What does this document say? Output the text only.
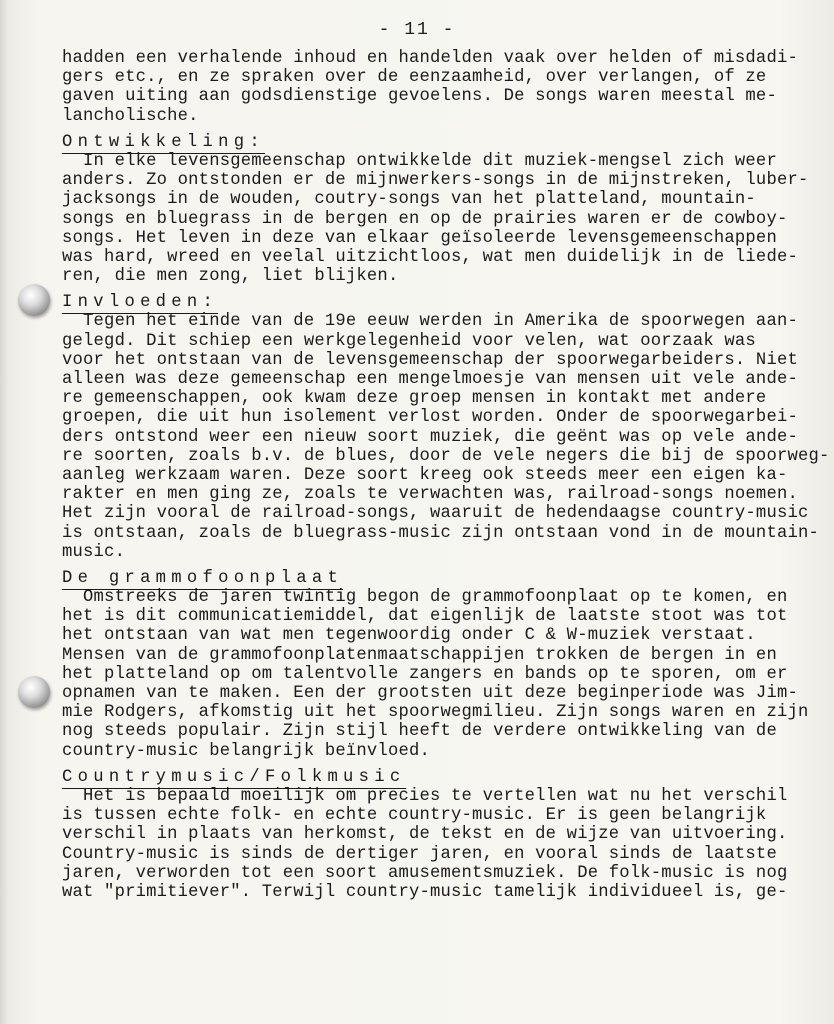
- 11 -
hadden een verhalende inhoud en handelden vaak over helden of misdadi-
gers etc., en ze spraken over de eenzaamheid, over verlangen, of ze
gaven uiting aan godsdienstige gevoelens. De songs waren meestal me-
lancholische.
Ontwikkeling:
In elke levensgemeenschap ontwikkelde dit muziek-mengsel zich weer
anders. Zo ontstonden er de mijnwerkers-songs in de mijnstreken, luber-
jacksongs in de wouden, coutry-songs van het platteland, mountain-
songs en bluegrass in de bergen en op de prairies waren er de cowboy-
songs. Het leven in deze van elkaar geïsoleerde levensgemeenschappen
was hard, wreed en veelal uitzichtloos, wat men duidelijk in de liede-
ren, die men zong, liet blijken.
Invloeden:
Tegen het einde van de 19e eeuw werden in Amerika de spoorwegen aan-
gelegd. Dit schiep een werkgelegenheid voor velen, wat oorzaak was
voor het ontstaan van de levensgemeenschap der spoorwegarbeiders. Niet
alleen was deze gemeenschap een mengelmoesje van mensen uit vele ande-
re gemeenschappen, ook kwam deze groep mensen in kontakt met andere
groepen, die uit hun isolement verlost worden. Onder de spoorwegarbei-
ders ontstond weer een nieuw soort muziek, die geënt was op vele ande-
re soorten, zoals b.v. de blues, door de vele negers die bij de spoorweg-
aanleg werkzaam waren. Deze soort kreeg ook steeds meer een eigen ka-
rakter en men ging ze, zoals te verwachten was, railroad-songs noemen.
Het zijn vooral de railroad-songs, waaruit de hedendaagse country-music
is ontstaan, zoals de bluegrass-music zijn ontstaan vond in de mountain-
music.
De grammofoonplaat
Omstreeks de jaren twintig begon de grammofoonplaat op te komen, en
het is dit communicatiemiddel, dat eigenlijk de laatste stoot was tot
het ontstaan van wat men tegenwoordig onder C & W-muziek verstaat.
Mensen van de grammofoonplatenmaatschappijen trokken de bergen in en
het platteland op om talentvolle zangers en bands op te sporen, om er
opnamen van te maken. Een der grootsten uit deze beginperiode was Jim-
mie Rodgers, afkomstig uit het spoorwegmilieu. Zijn songs waren en zijn
nog steeds populair. Zijn stijl heeft de verdere ontwikkeling van de
country-music belangrijk beïnvloed.
Countrymusic/Folkmusic
Het is bepaald moeilijk om precies te vertellen wat nu het verschil
is tussen echte folk- en echte country-music. Er is geen belangrijk
verschil in plaats van herkomst, de tekst en de wijze van uitvoering.
Country-music is sinds de dertiger jaren, en vooral sinds de laatste
jaren, verworden tot een soort amusementsmuziek. De folk-music is nog
wat "primitiever". Terwijl country-music tamelijk individueel is, ge-
